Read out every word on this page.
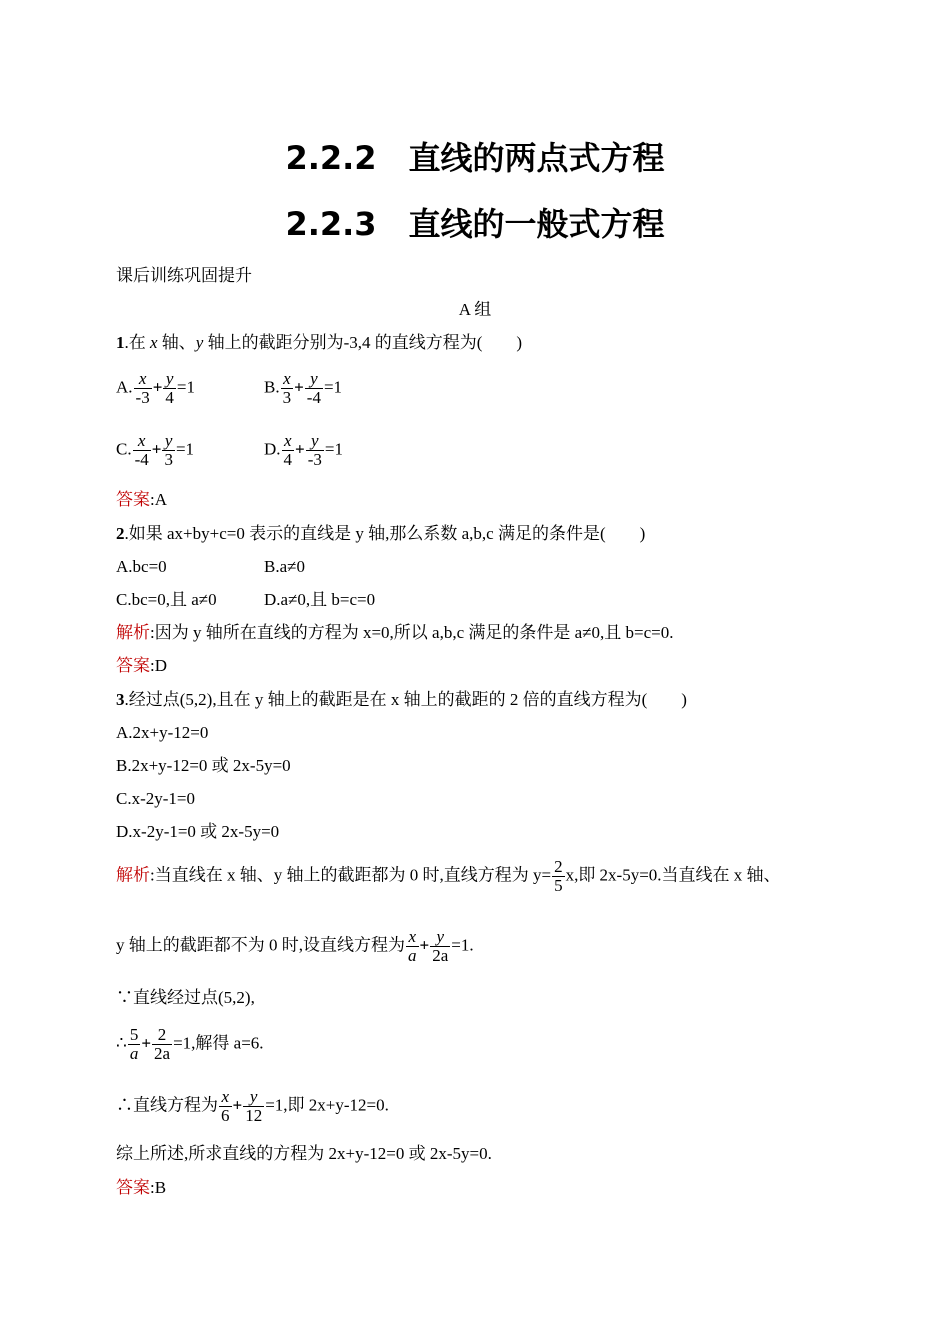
2.2.2　直线的两点式方程
2.2.3　直线的一般式方程
课后训练巩固提升
A 组
1.在 x 轴、y 轴上的截距分别为-3,4 的直线方程为(　　)
A. $\frac{x}{-3} + \frac{y}{4} =1$	B. $\frac{x}{3} + \frac{y}{-4} =1$
C. $\frac{x}{-4} + \frac{y}{3} =1$	D. $\frac{x}{4} + \frac{y}{-3} =1$
答案:A
2.如果 ax+by+c=0 表示的直线是 y 轴,那么系数 a,b,c 满足的条件是(　　)
A.bc=0	B.a≠0
C.bc=0,且 a≠0	D.a≠0,且 b=c=0
解析:因为 y 轴所在直线的方程为 x=0,所以 a,b,c 满足的条件是 a≠0,且 b=c=0.
答案:D
3.经过点(5,2),且在 y 轴上的截距是在 x 轴上的截距的 2 倍的直线方程为(　　)
A.2x+y-12=0
B.2x+y-12=0 或 2x-5y=0
C.x-2y-1=0
D.x-2y-1=0 或 2x-5y=0
解析:当直线在 x 轴、y 轴上的截距都为 0 时,直线方程为 $y= \frac{2}{5} x$,即 2x-5y=0.当直线在 x 轴、
y 轴上的截距都不为 0 时,设直线方程为 $\frac{x}{a} + \frac{y}{2a} =1$.
∵直线经过点(5,2),
∴ $\frac{5}{a} + \frac{2}{2a} =1$,解得 a=6.
∴直线方程为 $\frac{x}{6} + \frac{y}{12} =1$,即 2x+y-12=0.
综上所述,所求直线的方程为 2x+y-12=0 或 2x-5y=0.
答案:B
